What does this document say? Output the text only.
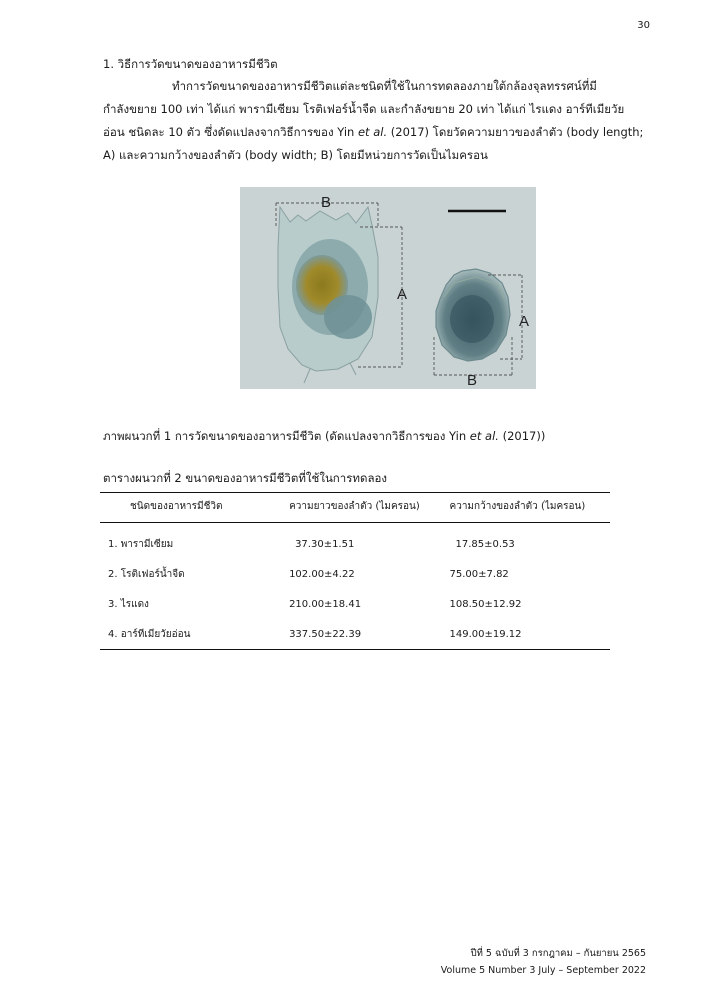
30
1. วิธีการวัดขนาดของอาหารมีชีวิต
ทำการวัดขนาดของอาหารมีชีวิตแต่ละชนิดที่ใช้ในการทดลองภายใต้กล้องจุลทรรศน์ที่มี
กำลังขยาย 100 เท่า ได้แก่ พารามีเซียม โรติเฟอร์น้ำจืด และกำลังขยาย 20 เท่า ได้แก่ ไรแดง อาร์ทีเมียวัย
อ่อน ชนิดละ 10 ตัว ซึ่งดัดแปลงจากวิธีการของ Yin et al. (2017) โดยวัดความยาวของลำตัว (body length;
A) และความกว้างของลำตัว (body width; B) โดยมีหน่วยการวัดเป็นไมครอน
B
A
A
B
ภาพผนวกที่ 1 การวัดขนาดของอาหารมีชีวิต (ดัดแปลงจากวิธีการของ Yin et al. (2017))
ตารางผนวกที่ 2 ขนาดของอาหารมีชีวิตที่ใช้ในการทดลอง
ชนิดของอาหารมีชีวิต	ความยาวของลำตัว (ไมครอน)	ความกว้างของลำตัว (ไมครอน)
1. พารามีเซียม	37.30±1.51	17.85±0.53
2. โรติเฟอร์น้ำจืด	102.00±4.22	75.00±7.82
3. ไรแดง	210.00±18.41	108.50±12.92
4. อาร์ทีเมียวัยอ่อน	337.50±22.39	149.00±19.12
ปีที่ 5 ฉบับที่ 3 กรกฎาคม – กันยายน 2565
Volume 5 Number 3 July – September 2022
